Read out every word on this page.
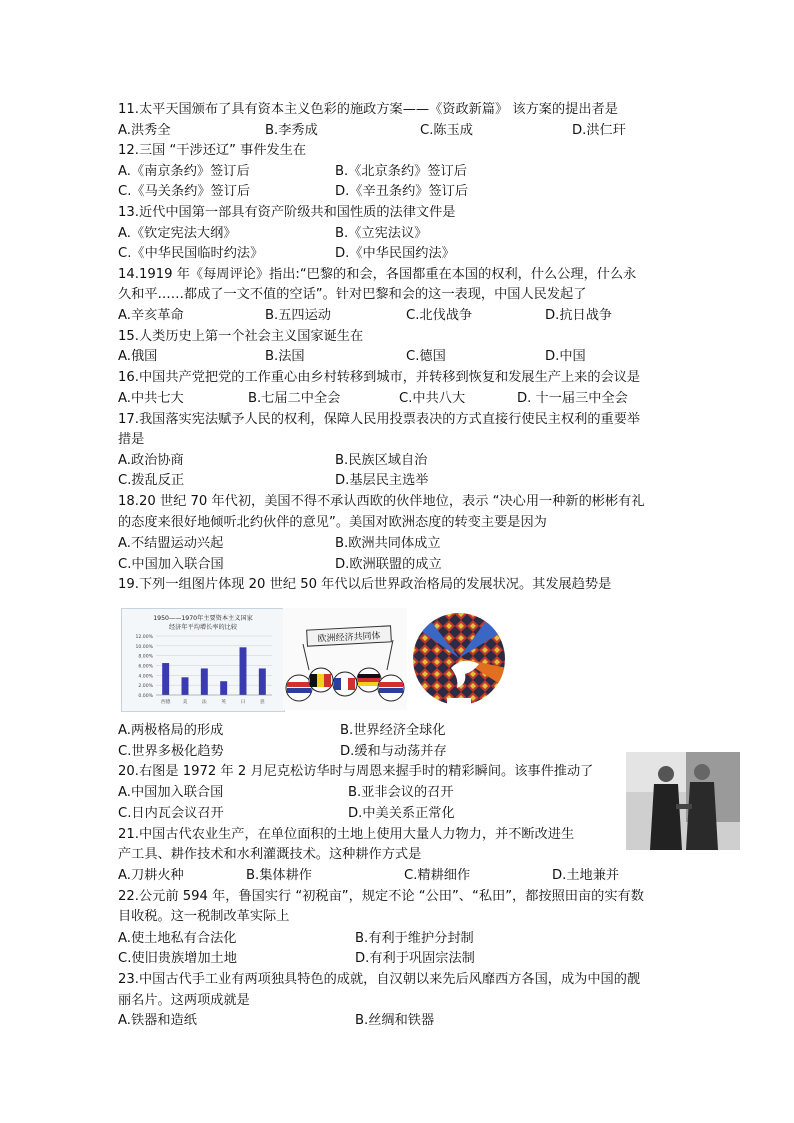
11.太平天国颁布了具有资本主义色彩的施政方案——《资政新篇》 该方案的提出者是
A.洪秀全	B.李秀成	C.陈玉成	D.洪仁玕
12.三国 “干涉还辽” 事件发生在
A.《南京条约》签订后	B.《北京条约》签订后
C.《马关条约》签订后	D.《辛丑条约》签订后
13.近代中国第一部具有资产阶级共和国性质的法律文件是
A.《钦定宪法大纲》	B.《立宪法议》
C.《中华民国临时约法》	D.《中华民国约法》
14.1919 年《每周评论》指出:“巴黎的和会，各国都重在本国的权利，什么公理，什么永
久和平……都成了一文不值的空话”。针对巴黎和会的这一表现，中国人民发起了
A.辛亥革命	B.五四运动	C.北伐战争	D.抗日战争
15.人类历史上第一个社会主义国家诞生在
A.俄国	B.法国	C.德国	D.中国
16.中国共产党把党的工作重心由乡村转移到城市，并转移到恢复和发展生产上来的会议是
A.中共七大	B.七届二中全会	C.中共八大	D. 十一届三中全会
17.我国落实宪法赋予人民的权利，保障人民用投票表决的方式直接行使民主权利的重要举
措是
A.政治协商	B.民族区域自治
C.拨乱反正	D.基层民主选举
18.20 世纪 70 年代初，美国不得不承认西欧的伙伴地位，表示 “决心用一种新的彬彬有礼
的态度来很好地倾听北约伙伴的意见”。美国对欧洲态度的转变主要是因为
A.不结盟运动兴起	B.欧洲共同体成立
C.中国加入联合国	D.欧洲联盟的成立
19.下列一组图片体现 20 世纪 50 年代以后世界政治格局的发展状况。其发展趋势是
A.两极格局的形成	B.世界经济全球化
C.世界多极化趋势	D.缓和与动荡并存
20.右图是 1972 年 2 月尼克松访华时与周恩来握手时的精彩瞬间。该事件推动了
A.中国加入联合国	B.亚非会议的召开
C.日内瓦会议召开	D.中美关系正常化
21.中国古代农业生产，在单位面积的土地上使用大量人力物力，并不断改进生
产工具、耕作技术和水利灌溉技术。这种耕作方式是
A.刀耕火种	B.集体耕作	C.精耕细作	D.土地兼并
22.公元前 594 年，鲁国实行 “初税亩”，规定不论 “公田”、“私田”，都按照田亩的实有数
目收税。这一税制改革实际上
A.使土地私有合法化	B.有利于维护分封制
C.使旧贵族增加土地	D.有利于巩固宗法制
23.中国古代手工业有两项独具特色的成就，自汉朝以来先后风靡西方各国，成为中国的靓
丽名片。这两项成就是
A.铁器和造纸	B.丝绸和铁器
1950——1970年主要资本主义国家
经济年平均增长率的比较
12.00%
10.00%
8.00%
6.00%
4.00%
2.00%
0.00%
西德	美	法	英	日	意
欧洲经济共同体
